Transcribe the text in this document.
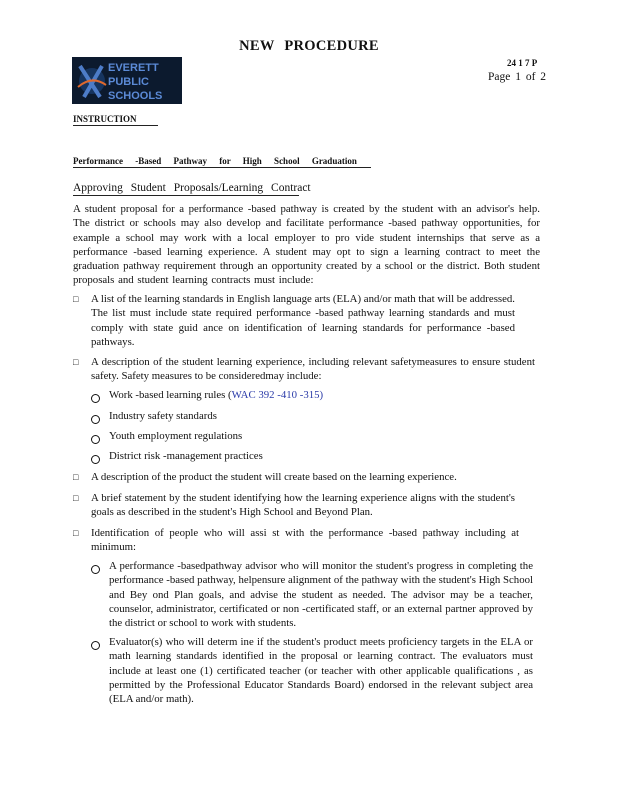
NEW PROCEDURE
EVERETT
PUBLIC
SCHOOLS
24 1 7 P
Page 1 of 2
INSTRUCTION
Performance -Based Pathway for High School Graduation
Approving Student Proposals/Learning Contract
A student proposal for a performance -based pathway is created by the student with an advisor's help. The district or schools may also develop and facilitate performance -based pathway opportunities, for example a school may work with a local employer to pro vide student internships that serve as a performance -based learning experience. A student may opt to sign a learning contract to meet the graduation pathway requirement through an opportunity created by a school or the district. Both student proposals and student learning contracts must include:
□ A list of the learning standards in English language arts (ELA) and/or math that will be addressed. The list must include state required performance -based pathway learning standards and must comply with state guid ance on identification of learning standards for performance -based pathways.
□ A description of the student learning experience, including relevant safetymeasures to ensure student safety. Safety measures to be consideredmay include:
Work -based learning rules (WAC 392 -410 -315)
Industry safety standards
Youth employment regulations
District risk -management practices
□ A description of the product the student will create based on the learning experience.
□ A brief statement by the student identifying how the learning experience aligns with the student's goals as described in the student's High School and Beyond Plan.
□ Identification of people who will assi st with the performance -based pathway including at minimum:
A performance -basedpathway advisor who will monitor the student's progress in completing the performance -based pathway, helpensure alignment of the pathway with the student's High School and Bey ond Plan goals, and advise the student as needed. The advisor may be a teacher, counselor, administrator, certificated or non -certificated staff, or an external partner approved by the district or school to work with students.
Evaluator(s) who will determ ine if the student's product meets proficiency targets in the ELA or math learning standards identified in the proposal or learning contract. The evaluators must include at least one (1) certificated teacher (or teacher with other applicable qualifications , as permitted by the Professional Educator Standards Board) endorsed in the relevant subject area (ELA and/or math).
